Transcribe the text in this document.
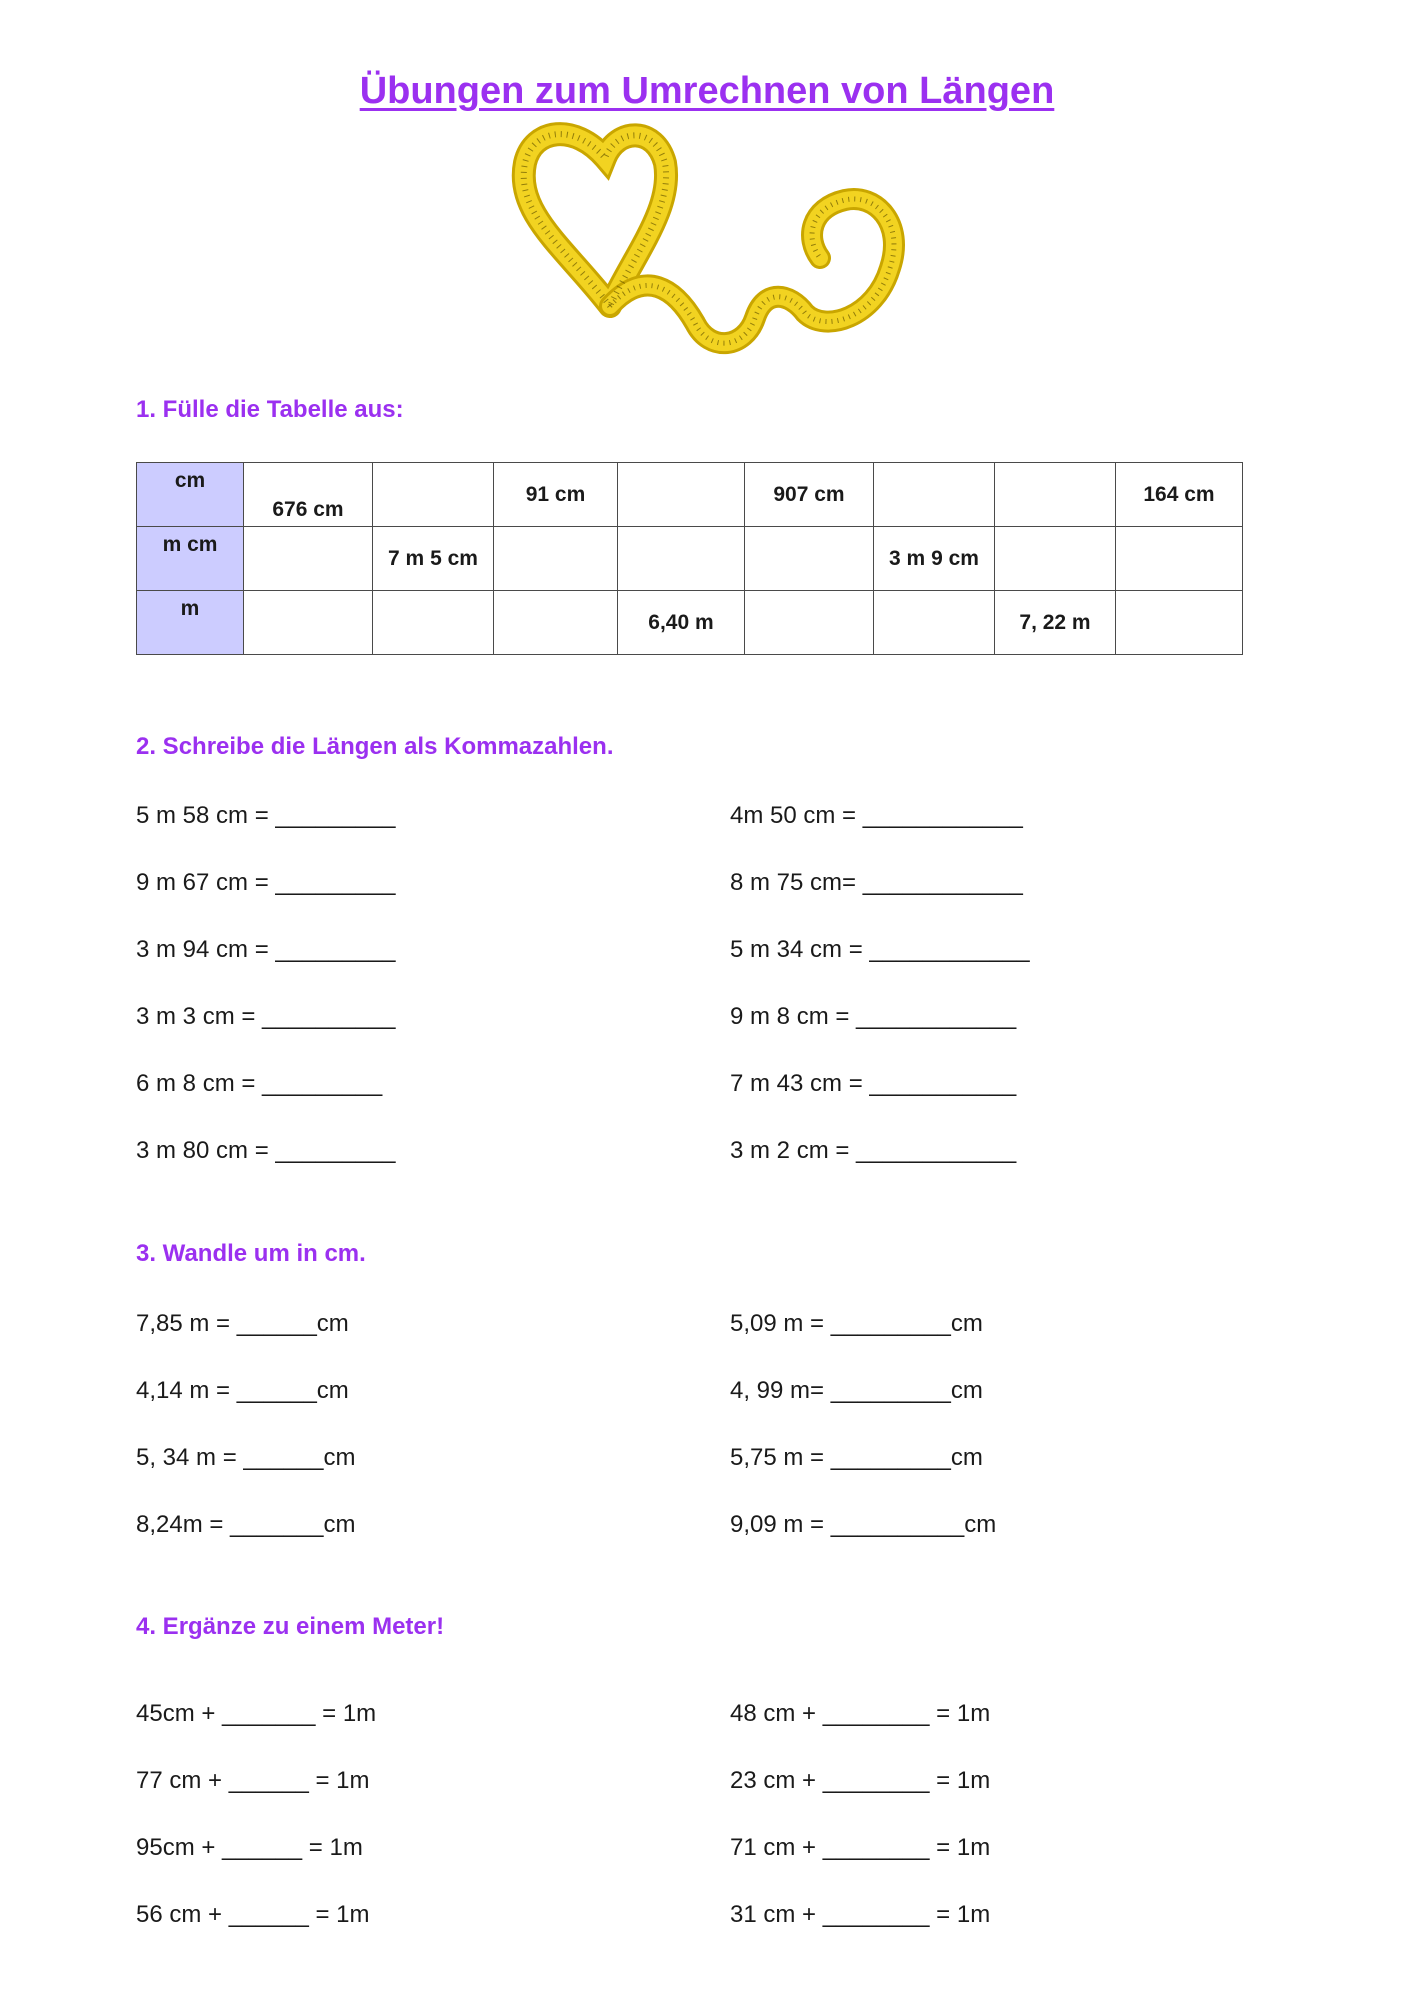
Übungen zum Umrechnen von Längen
1. Fülle die Tabelle aus:
cm	676 cm		91 cm		907 cm			164 cm
m cm		7 m 5 cm				3 m 9 cm		
m				6,40 m			7, 22 m	
2. Schreibe die Längen als Kommazahlen.
5 m 58 cm = _________
9 m 67 cm = _________
3 m 94 cm = _________
3 m 3 cm = __________
6 m 8 cm = _________
3 m 80 cm = _________
4m 50 cm = ____________
8 m 75 cm= ____________
5 m 34 cm = ____________
9 m 8 cm = ____________
7 m 43 cm = ___________
3 m 2 cm = ____________
3. Wandle um in cm.
7,85 m = ______cm
4,14 m = ______cm
5, 34 m = ______cm
8,24m = _______cm
5,09 m = _________cm
4, 99 m= _________cm
5,75 m = _________cm
9,09 m = __________cm
4. Ergänze zu einem Meter!
45cm + _______ = 1m
77 cm + ______ = 1m
95cm + ______ = 1m
56 cm + ______ = 1m
48 cm + ________ = 1m
23 cm + ________ = 1m
71 cm + ________ = 1m
31 cm + ________ = 1m
